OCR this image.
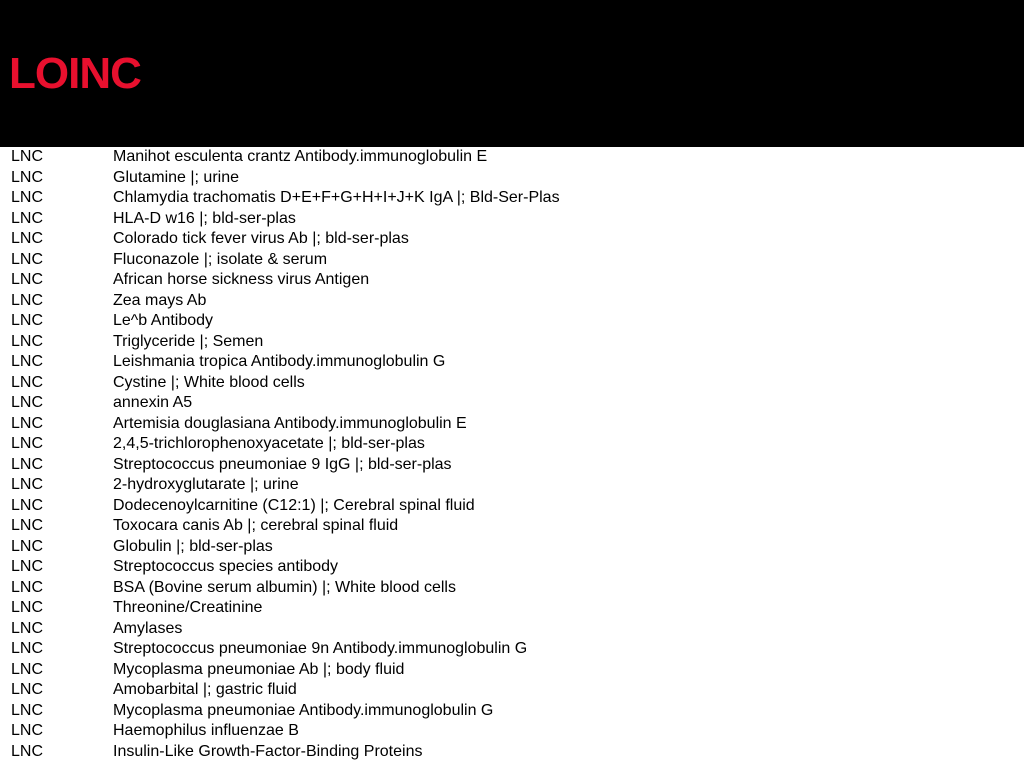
LOINC
LNC	Manihot esculenta crantz Antibody.immunoglobulin E
LNC	Glutamine |; urine
LNC	Chlamydia trachomatis D+E+F+G+H+I+J+K IgA |; Bld-Ser-Plas
LNC	HLA-D w16 |; bld-ser-plas
LNC	Colorado tick fever virus Ab |; bld-ser-plas
LNC	Fluconazole |; isolate & serum
LNC	African horse sickness virus Antigen
LNC	Zea mays Ab
LNC	Le^b Antibody
LNC	Triglyceride |; Semen
LNC	Leishmania tropica Antibody.immunoglobulin G
LNC	Cystine |; White blood cells
LNC	annexin A5
LNC	Artemisia douglasiana Antibody.immunoglobulin E
LNC	2,4,5-trichlorophenoxyacetate |; bld-ser-plas
LNC	Streptococcus pneumoniae 9 IgG |; bld-ser-plas
LNC	2-hydroxyglutarate |; urine
LNC	Dodecenoylcarnitine (C12:1) |; Cerebral spinal fluid
LNC	Toxocara canis Ab |; cerebral spinal fluid
LNC	Globulin |; bld-ser-plas
LNC	Streptococcus species antibody
LNC	BSA (Bovine serum albumin) |; White blood cells
LNC	Threonine/Creatinine
LNC	Amylases
LNC	Streptococcus pneumoniae 9n Antibody.immunoglobulin G
LNC	Mycoplasma pneumoniae Ab |; body fluid
LNC	Amobarbital |; gastric fluid
LNC	Mycoplasma pneumoniae Antibody.immunoglobulin G
LNC	Haemophilus influenzae B
LNC	Insulin-Like Growth-Factor-Binding Proteins
